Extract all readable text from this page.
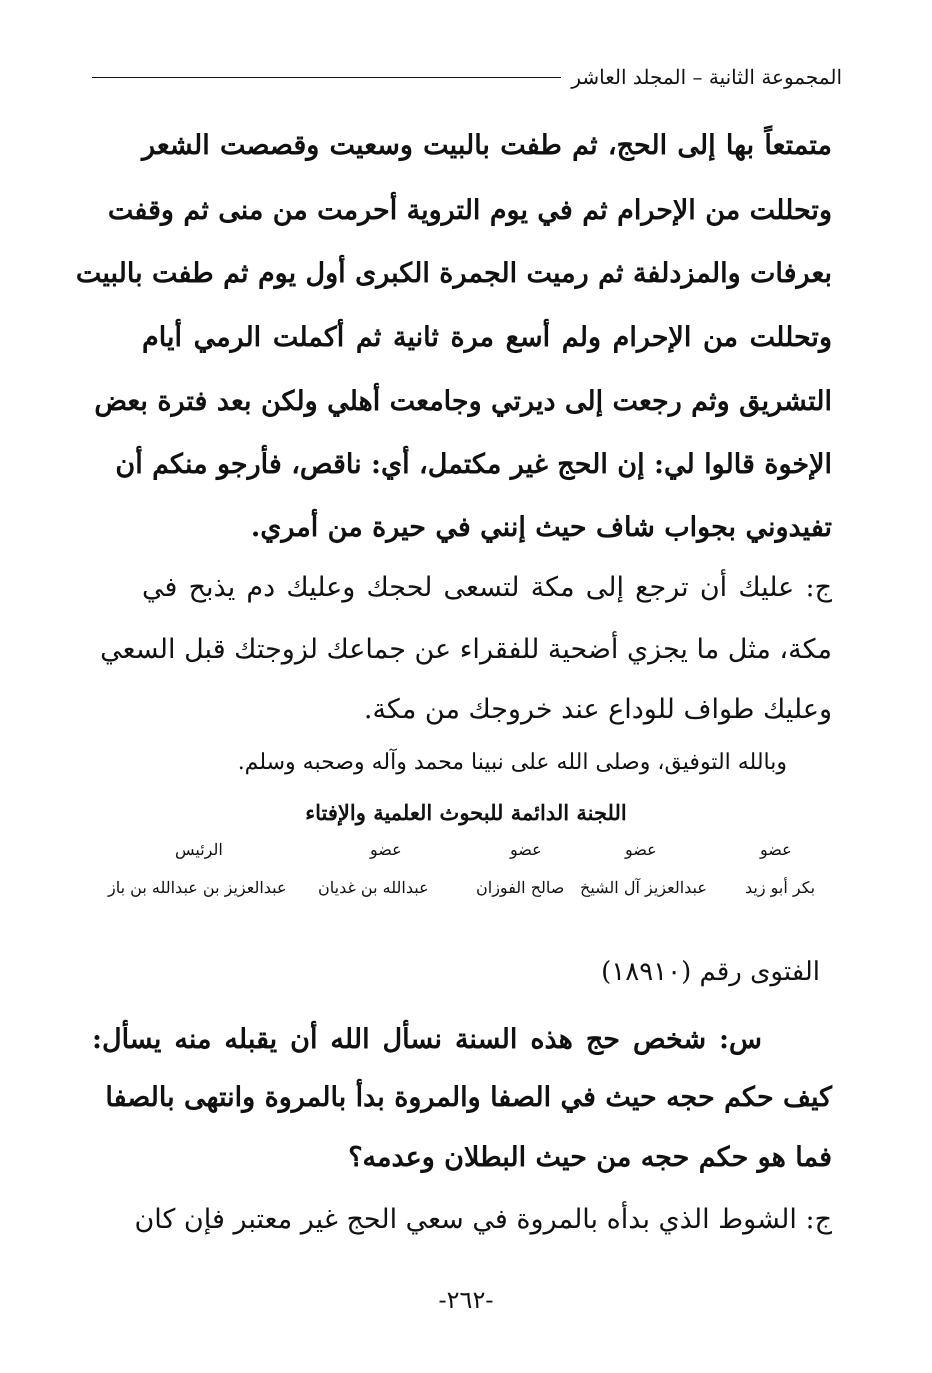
المجموعة الثانية – المجلد العاشر
متمتعاً بها إلى الحج، ثم طفت بالبيت وسعيت وقصصت الشعر
وتحللت من الإحرام ثم في يوم التروية أحرمت من منى ثم وقفت
بعرفات والمزدلفة ثم رميت الجمرة الكبرى أول يوم ثم طفت بالبيت
وتحللت من الإحرام ولم أسع مرة ثانية ثم أكملت الرمي أيام
التشريق وثم رجعت إلى ديرتي وجامعت أهلي ولكن بعد فترة بعض
الإخوة قالوا لي: إن الحج غير مكتمل، أي: ناقص، فأرجو منكم أن
تفيدوني بجواب شاف حيث إنني في حيرة من أمري.
ج: عليك أن ترجع إلى مكة لتسعى لحجك وعليك دم يذبح في
مكة، مثل ما يجزي أضحية للفقراء عن جماعك لزوجتك قبل السعي
وعليك طواف للوداع عند خروجك من مكة.
وبالله التوفيق، وصلى الله على نبينا محمد وآله وصحبه وسلم.
اللجنة الدائمة للبحوث العلمية والإفتاء
عضو
بكر أبو زيد
عضو
عبدالعزيز آل الشيخ
عضو
صالح الفوزان
عضو
عبدالله بن غديان
الرئيس
عبدالعزيز بن عبدالله بن باز
الفتوى رقم (١٨٩١٠)
س: شخص حج هذه السنة نسأل الله أن يقبله منه يسأل:
كيف حكم حجه حيث في الصفا والمروة بدأ بالمروة وانتهى بالصفا
فما هو حكم حجه من حيث البطلان وعدمه؟
ج: الشوط الذي بدأه بالمروة في سعي الحج غير معتبر فإن كان
-٢٦٢-
